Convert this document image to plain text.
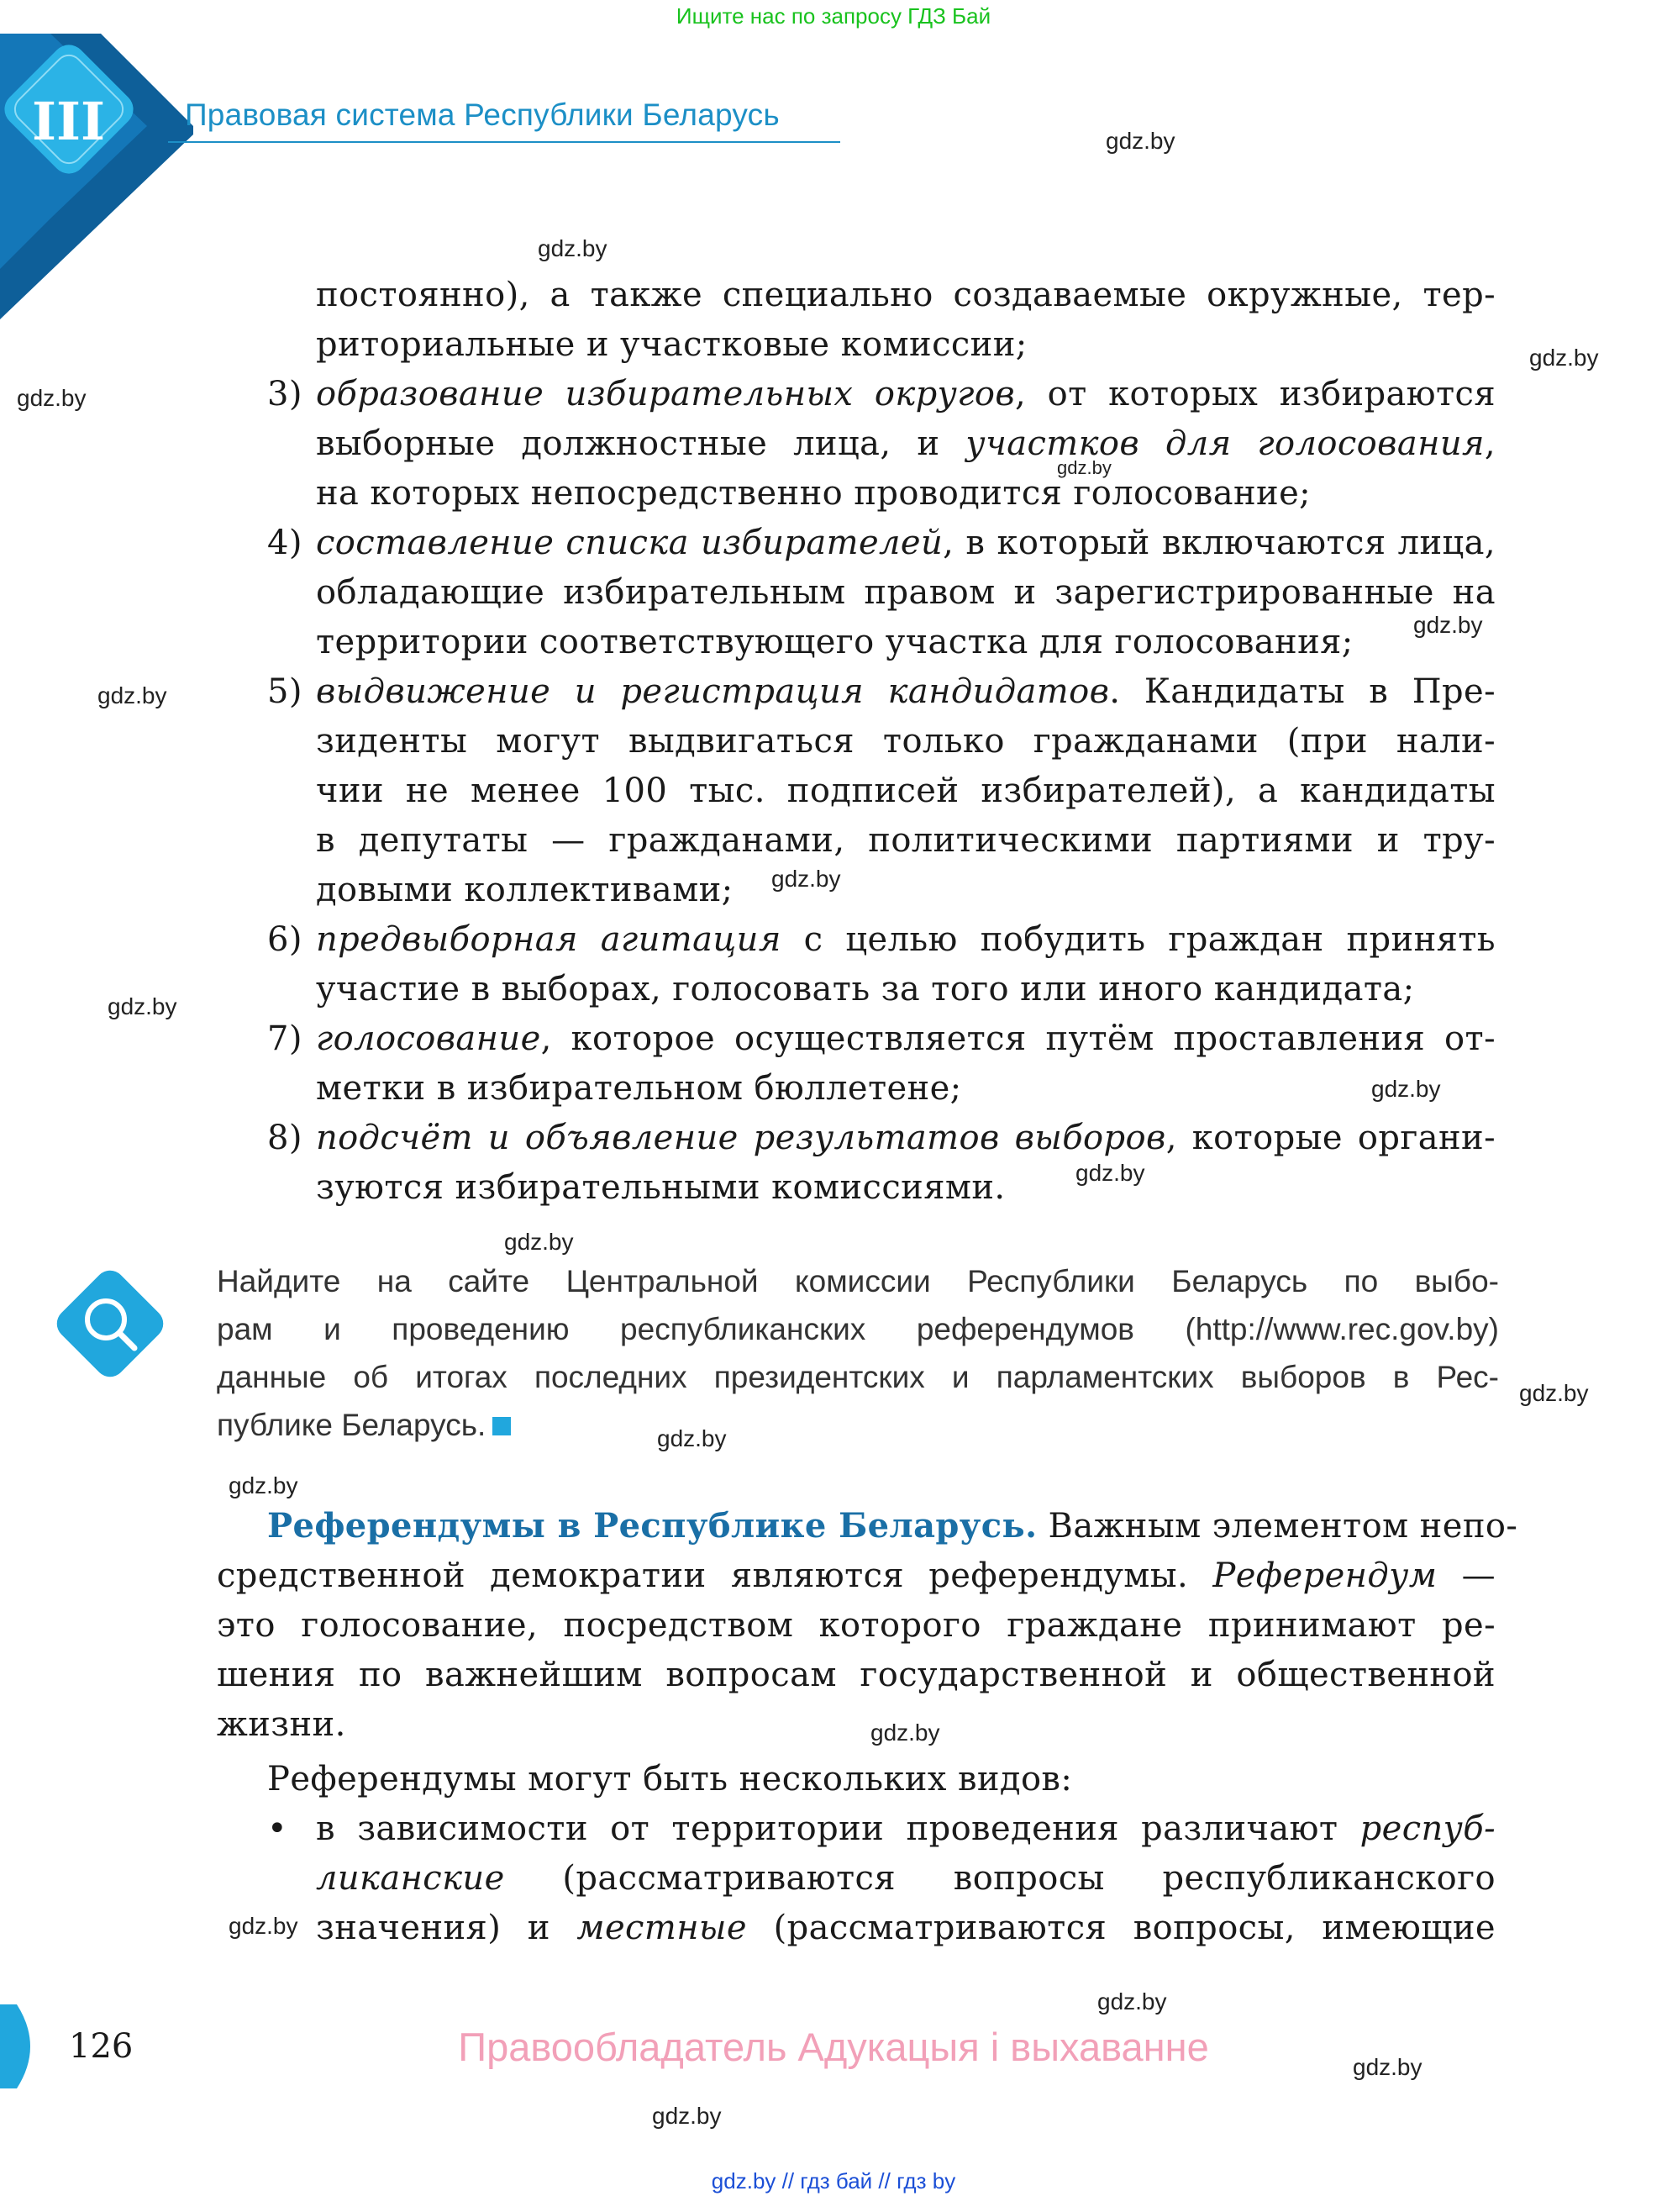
Ищите нас по запросу ГДЗ Бай
III	Правовая система Республики Беларусь
gdz.by
gdz.by
gdz.by
gdz.by
gdz.by
gdz.by
gdz.by
gdz.by
gdz.by
gdz.by
gdz.by
gdz.by
gdz.by
gdz.by
gdz.by
gdz.by
gdz.by
gdz.by
gdz.by
gdz.by
постоянно), а также специально создаваемые окружные, тер-
риториальные и участковые комиссии;
3) образование избирательных округов, от которых избираются
выборные должностные лица, и участков для голосования,
на которых непосредственно проводится голосование;
4) составление списка избирателей, в который включаются лица,
обладающие избирательным правом и зарегистрированные на
территории соответствующего участка для голосования;
5) выдвижение и регистрация кандидатов. Кандидаты в Пре-
зиденты могут выдвигаться только гражданами (при нали-
чии не менее 100 тыс. подписей избирателей), а кандидаты
в депутаты — гражданами, политическими партиями и тру-
довыми коллективами;
6) предвыборная агитация с целью побудить граждан принять
участие в выборах, голосовать за того или иного кандидата;
7) голосование, которое осуществляется путём проставления от-
метки в избирательном бюллетене;
8) подсчёт и объявление результатов выборов, которые органи-
зуются избирательными комиссиями.
Найдите на сайте Центральной комиссии Республики Беларусь по выбо-
рам и проведению республиканских референдумов (http://www.rec.gov.by)
данные об итогах последних президентских и парламентских выборов в Рес-
публике Беларусь.
Референдумы в Республике Беларусь. Важным элементом непо-
средственной демократии являются референдумы. Референдум —
это голосование, посредством которого граждане принимают ре-
шения по важнейшим вопросам государственной и общественной
жизни.
Референдумы могут быть нескольких видов:
• в зависимости от территории проведения различают респуб-
ликанские (рассматриваются вопросы республиканского
значения) и местные (рассматриваются вопросы, имеющие
126	Правообладатель Адукацыя і выхаванне
gdz.by // гдз бай // гдз by
